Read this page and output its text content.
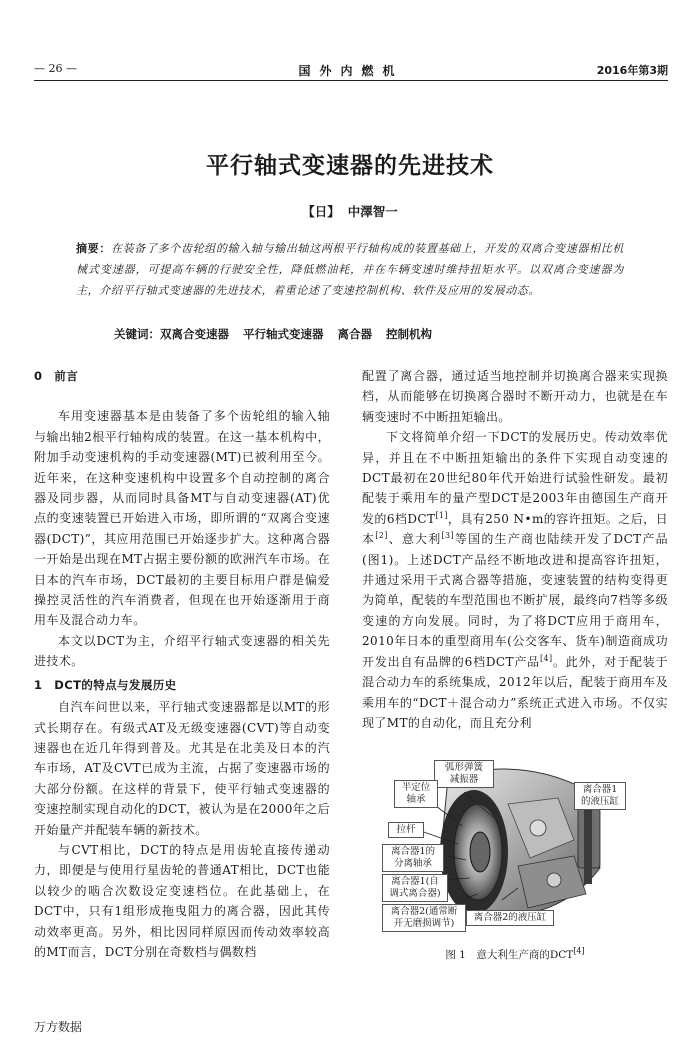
— 26 —	国外内燃机	2016年第3期
平行轴式变速器的先进技术
【日】 中澤智一
摘要：在装备了多个齿轮组的输入轴与输出轴这两根平行轴构成的装置基础上，开发的双离合变速器相比机械式变速器，可提高车辆的行驶安全性，降低燃油耗，并在车辆变速时维持扭矩水平。以双离合变速器为主，介绍平行轴式变速器的先进技术，着重论述了变速控制机构、软件及应用的发展动态。
关键词：双离合变速器 平行轴式变速器 离合器 控制机构
0　前言

车用变速器基本是由装备了多个齿轮组的输入轴与输出轴2根平行轴构成的装置。在这一基本机构中，附加手动变速机构的手动变速器(MT)已被利用至今。近年来，在这种变速机构中设置多个自动控制的离合器及同步器，从而同时具备MT与自动变速器(AT)优点的变速装置已开始进入市场，即所谓的“双离合变速器(DCT)”，其应用范围已开始逐步扩大。这种离合器一开始是出现在MT占据主要份额的欧洲汽车市场。在日本的汽车市场，DCT最初的主要目标用户群是偏爱操控灵活性的汽车消费者，但现在也开始逐渐用于商用车及混合动力车。

本文以DCT为主，介绍平行轴式变速器的相关先进技术。

1　DCT的特点与发展历史

自汽车问世以来，平行轴式变速器都是以MT的形式长期存在。有级式AT及无级变速器(CVT)等自动变速器也在近几年得到普及。尤其是在北美及日本的汽车市场，AT及CVT已成为主流，占据了变速器市场的大部分份额。在这样的背景下，使平行轴式变速器的变速控制实现自动化的DCT，被认为是在2000年之后开始量产并配装车辆的新技术。

与CVT相比，DCT的特点是用齿轮直接传递动力，即便是与使用行星齿轮的普通AT相比，DCT也能以较少的啮合次数设定变速档位。在此基础上，在DCT中，只有1组形成拖曳阻力的离合器，因此其传动效率更高。另外，相比因同样原因而传动效率较高的MT而言，DCT分别在奇数档与偶数档

配置了离合器，通过适当地控制并切换离合器来实现换档，从而能够在切换离合器时不断开动力，也就是在车辆变速时不中断扭矩输出。

下文将简单介绍一下DCT的发展历史。传动效率优异，并且在不中断扭矩输出的条件下实现自动变速的DCT最初在20世纪80年代开始进行试验性研发。最初配装于乘用车的量产型DCT是2003年由德国生产商开发的6档DCT[1]，具有250 N•m的容许扭矩。之后，日本[2]、意大利[3]等国的生产商也陆续开发了DCT产品(图1)。上述DCT产品经不断地改进和提高容许扭矩，并通过采用干式离合器等措施，变速装置的结构变得更为简单，配装的车型范围也不断扩展，最终向7档等多级变速的方向发展。同时，为了将DCT应用于商用车，2010年日本的重型商用车(公交客车、货车)制造商成功开发出自有品牌的6档DCT产品[4]。此外，对于配装于混合动力车的系统集成，2012年以后，配装于商用车及乘用车的“DCT＋混合动力”系统正式进入市场。不仅实现了MT的自动化，而且充分利

弧形弹簧
减振器
半定位
轴承
离合器1
的液压缸
拉杆
离合器1的
分离轴承
离合器1(自
调式离合器)
离合器2(通常断
开无磨损调节)
离合器2的液压缸
图 1　意大利生产商的DCT[4]
万方数据
